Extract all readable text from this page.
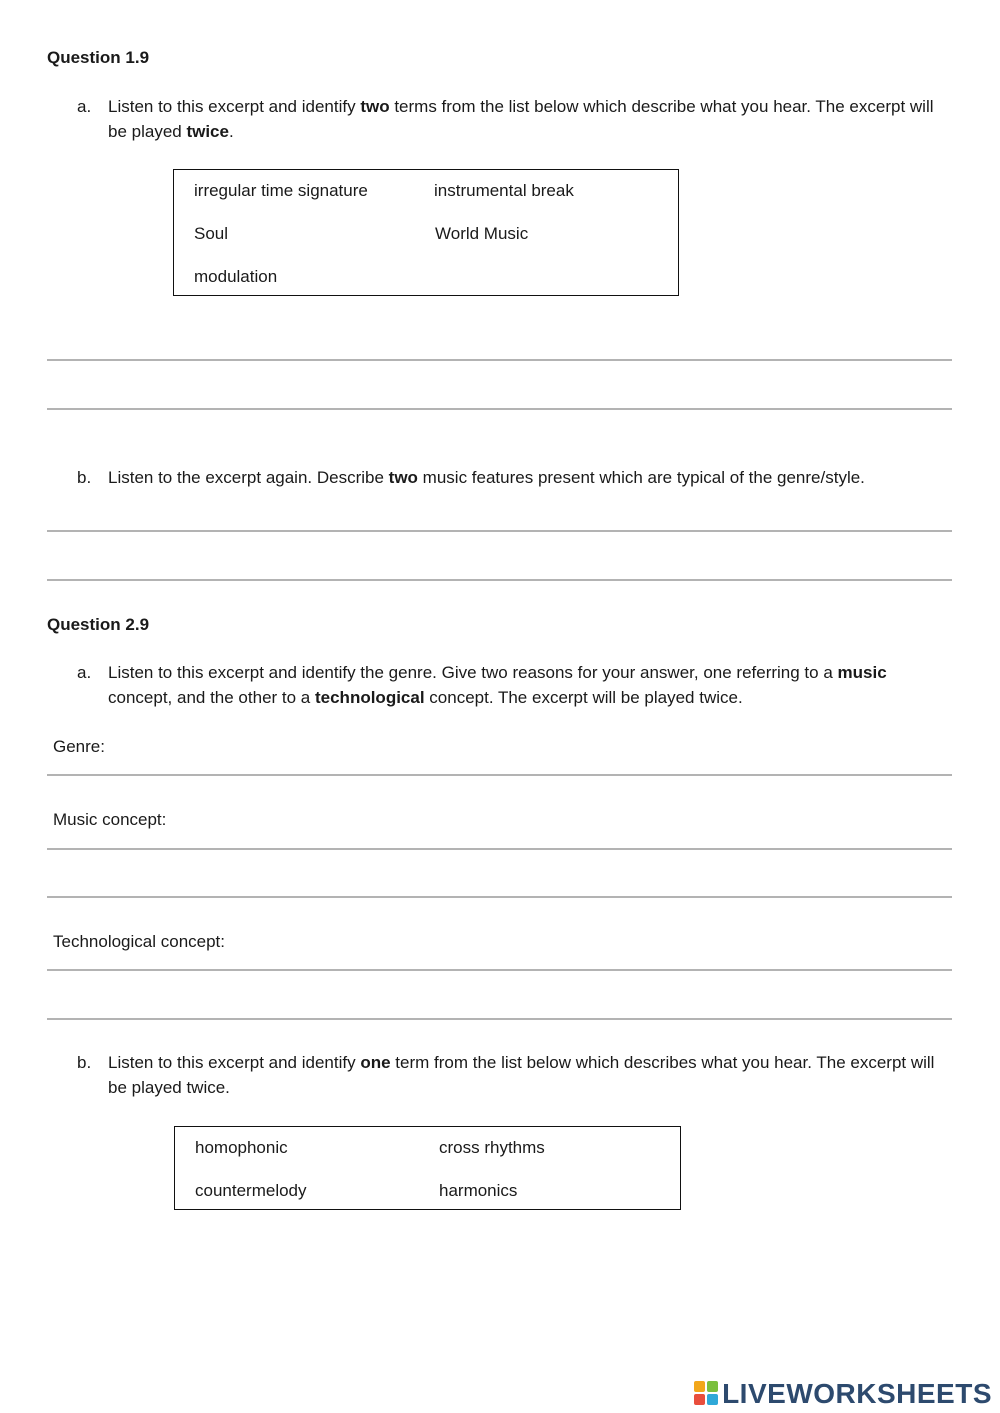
Question 1.9
a. Listen to this excerpt and identify two terms from the list below which describe what you hear. The excerpt will be played twice.
irregular time signature	instrumental break
Soul	World Music
modulation
b. Listen to the excerpt again. Describe two music features present which are typical of the genre/style.
Question 2.9
a. Listen to this excerpt and identify the genre. Give two reasons for your answer, one referring to a music concept, and the other to a technological concept. The excerpt will be played twice.
Genre:
Music concept:
Technological concept:
b. Listen to this excerpt and identify one term from the list below which describes what you hear. The excerpt will be played twice.
homophonic	cross rhythms
countermelody	harmonics
LIVEWORKSHEETS
